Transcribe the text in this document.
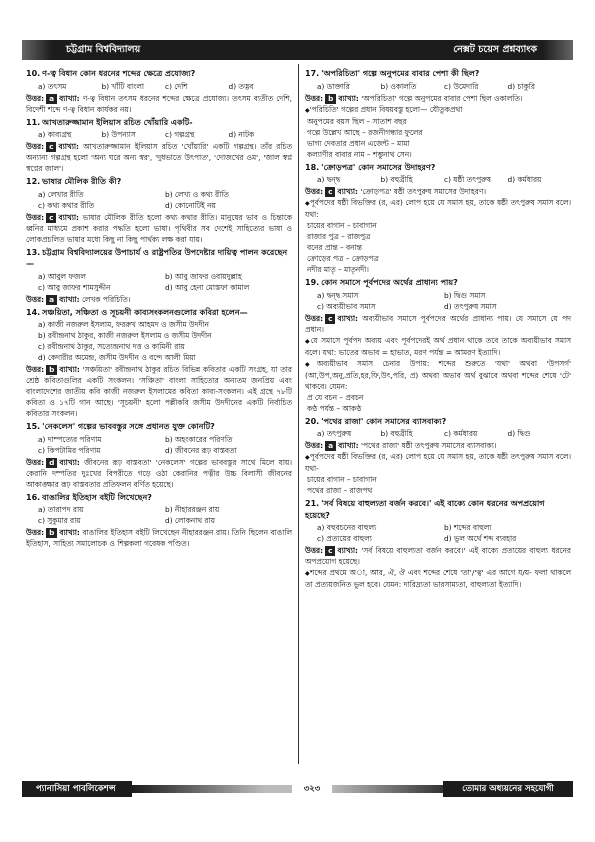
চট্টগ্রাম বিশ্ববিদ্যালয়	নেক্সট চয়েস প্রশ্নব্যাংক
10. ণ-ত্ব বিধান কোন ধরনের শব্দের ক্ষেত্রে প্রযোজ্য?
a) তৎসম	b) খাঁটি বাংলা	c) দেশি	d) তদ্ভব
উত্তর: a ব্যাখ্যা: ণ-ত্ব বিধান তৎসম ধরনের শব্দের ক্ষেত্রে প্রযোজ্য। তৎসম ব্যতীত দেশি, বিদেশী শব্দে ণ-ত্ব বিধান কার্যকর নয়।
11. আখতারুজ্জামান ইলিয়াস রচিত খোঁয়ারি একটি-
a) কাব্যগ্রন্থ	b) উপন্যাস	c) গল্পগ্রন্থ	d) নাটক
উত্তর: c ব্যাখ্যা: আখতারুজ্জামান ইলিয়াস রচিত 'খোঁয়ারি' একটি গল্পগ্রন্থ। তাঁর রচিত অন্যান্য গল্পগ্রন্থ হলো 'অন্য ঘরে অন্য স্বর', 'দুধভাতে উৎপাত', 'দোজখের ওম', 'জাল স্বপ্ন স্বপ্নের জাল'।
12. ভাষার মৌলিক রীতি কী?
a) লেখার রীতি	b) লেখ্য ও কথ্য রীতি
c) কথ্য কথার রীতি	d) কোনোটিই নয়
উত্তর: c ব্যাখ্যা: ভাষার মৌলিক রীতি হলো কথ্য কথার রীতি। মানুষের ভাব ও চিন্তাকে ধ্বনির মাধ্যমে প্রকাশ করার পদ্ধতি হলো ভাষা। পৃথিবীর সব দেশেই সাহিত্যের ভাষা ও লোকপ্রচলিত ভাষার মধ্যে কিছু না কিছু পার্থক্য লক্ষ করা যায়।
13. চট্টগ্রাম বিশ্ববিদ্যালয়ের উপাচার্য ও রাষ্ট্রপতির উপদেষ্টার দায়িত্ব পালন করেছেন—
a) আবুল ফজল	b) আবু জাফর ওবায়দুল্লাহ
c) আবু জাফর শামসুদ্দীন	d) আবু হেনা মোস্তফা কামাল
উত্তর: a ব্যাখ্যা: লেখক পরিচিতি।
14. সঞ্চয়িতা, সঞ্চিতা ও সূচয়নী কাব্যসংকলনগুলোর কবিরা হলেন—
a) কাজী নজরুল ইসলাম, ফররুখ আহমদ ও জসীম উদদীন
b) রবীন্দ্রনাথ ঠাকুর, কাজী নজরুল ইসলাম ও জসীম উদদীন
c) রবীন্দ্রনাথ ঠাকুর, সত্যেন্দ্রনাথ দত্ত ও কামিনী রায়
d) কেদারীর অমেন্দ্র, জসীম উদদীন ও বন্দে আলী মিয়া
উত্তর: b ব্যাখ্যা: 'সঞ্চয়িতা' রবীন্দ্রনাথ ঠাকুর রচিত বিভিন্ন কবিতার একটি সংগ্রহ, যা তার শ্রেষ্ঠ কবিতাগুলির একটি সংকলন। 'সঞ্চিতা' বাংলা সাহিত্যের অন্যতম জনপ্রিয় এবং বাংলাদেশের জাতীয় কবি কাজী নজরুল ইসলামের কবিতা কাব্য-সংকলন। এই গ্রন্থে ৭৮টি কবিতা ও ১৭টি গান আছে। 'সূচয়নী' হলো পল্লীকবি জসীম উদদীনের একটি নির্বাচিত কবিতার সংকলন।
15. 'নেকলেস' গল্পের ভাববস্তুর সঙ্গে প্রধানত যুক্ত কোনটি?
a) দাম্পত্যের পরিণাম	b) অহংকারের পরিণতি
c) কিপটামির পরিণাম	d) জীবনের রূঢ় বাস্তবতা
উত্তর: d ব্যাখ্যা: জীবনের রূঢ় বাস্তবতা' 'নেকলেস' গল্পের ভাববস্তুর সাথে মিলে যায়। কেরানি দম্পতির দুঃখের বিপরীতে গড়ে ওঠা কেরানির পত্নীর উচ্চ বিলাসী জীবনের আকাঙ্ক্ষার রূঢ় বাস্তবতার প্রতিফলন বর্ণিত হয়েছে।
16. বাঙালির ইতিহাস বইটি লিখেছেন?
a) তারাপদ রায়	b) নীহাররঞ্জন রায়
c) সুকুমার রায়	d) লোকনাথ রায়
উত্তর: b ব্যাখ্যা: বাঙালির ইতিহাস বইটি লিখেছেন নীহাররঞ্জন রায়। তিনি ছিলেন বাঙালি ইতিহাস, সাহিত্য সমালোচক ও শিল্পকলা গবেষক পণ্ডিত।
17. 'অপরিচিতা' গল্পে অনুপমের বাবার পেশা কী ছিল?
a) ডাক্তারি	b) ওকালতি	c) উমেদারি	d) চাকুরি
উত্তর: b ব্যাখ্যা: 'অপরিচিতা' গল্পে অনুপমের বাবার পেশা ছিল ওকালতি।
◆ 'পরিচিতি' গল্পের প্রধান বিষয়বস্তু হলো— যৌতুকপ্রথা
অনুপমের বয়স ছিল – সাতাশ বছর
গল্পে উল্লেখ আছে – রজনীগন্ধার ফুলের
ভাগ্য দেবতার প্রধান এজেন্ট – মামা
কল্যাণীর বাবার নাম – শম্ভুনাথ সেন।
18. 'ক্রোড়পত্র' কোন সমাসের উদাহরণ?
a) দ্বন্দ্ব	b) বহুব্রীহি	c) ষষ্ঠী তৎপুরুষ	d) কর্মধারয়
উত্তর: c ব্যাখ্যা: 'ক্রোড়পত্র' ষষ্ঠী তৎপুরুষ সমাসের উদাহরণ।
◆ পূর্বপদের ষষ্ঠী বিভক্তির (র, এর) লোপ হয়ে যে সমাস হয়, তাকে ষষ্ঠী তৎপুরুষ সমাস বলে। যথা:
চায়ের বাগান – চাবাগান
রাজার পুত্র – রাজপুত্র
বনের প্রান্ত – বনান্ত
ক্রোড়ের পত্র – ক্রোড়পত্র
নদীর মাতৃ – মাতৃনদী।
19. কোন সমাসে পূর্বপদের অর্থের প্রাধান্য পায়?
a) দ্বন্দ্ব সমাস	b) দ্বিগু সমাস
c) অব্যয়ীভাব সমাস	d) তৎপুরুষ সমাস
উত্তর: c ব্যাখ্যা: অব্যয়ীভাব সমাসে পূর্বপদের অর্থের প্রাধান্য পায়। যে সমাসে যে পদ প্রধান।
◆ যে সমাসে পূর্বপদ অব্যয় এবং পূর্বপদেরই অর্থ প্রধান থাকে তবে তাকে অব্যয়ীভাব সমাস বলে। যথা: ভাতের অভাব = হাভাত, মরণ পর্যন্ত = আমরণ ইত্যাদি।
◆ অব্যয়ীভাব সমাস চেনার উপায়: শব্দের শুরুতে 'যথা' অথবা 'উপসর্গ' (আ,উপ,অনু,প্রতি,হর,ফি,উৎ,পরি, প্র) অথবা অভাব অর্থ বুঝাবে অথবা শব্দের শেষে 'টে' থাকবে। যেমন:
প্র যে বচন – প্রবচন
কণ্ঠ পর্যন্ত – আকণ্ঠ
20. 'পথের রাজা' কোন সমাসের ব্যাসবাক্য?
a) তৎপুরুষ	b) বহুব্রীহি	c) কর্মধারয়	d) দ্বিগু
উত্তর: a ব্যাখ্যা: 'পথের রাজা' ষষ্ঠী তৎপুরুষ সমাসের ব্যাসবাক্য।
◆ পূর্বপদের ষষ্ঠী বিভক্তির (র, এর) লোপ হয়ে যে সমাস হয়, তাকে ষষ্ঠী তৎপুরুষ সমাস বলে। যথা-
চায়ের বাগান – চাবাগান
পথের রাজা – রাজপথ
21. 'সর্ব বিষয়ে বাহুল্যতা বর্জন করবে।' এই বাক্যে কোন ধরনের অপপ্রয়োগ হয়েছে?
a) বহুবচনের বাহুল্য	b) শব্দের বাহুল্য
c) প্রত্যয়ের বাহুল্য	d) ভুল অর্থে শব্দ ব্যবহার
উত্তর: c ব্যাখ্যা: 'সর্ব বিষয়ে বাহুল্যতা বর্জন করবে।' এই বাক্যে প্রত্যয়ের বাহুল্য ধরনের অপপ্রয়োগ হয়েছে।
◆ শব্দের প্রথমে অা, আর, ঐ, ঔ এবং শব্দের শেষে 'তা'/'ত্ব' এর আগে য/য়- ফলা থাকলে তা প্রত্যয়জনিত ভুল হবে। যেমন: দারিদ্র্যতা ভারসাম্যতা, বাহুল্যতা ইত্যাদি।
প্যানাসিয়া পাবলিকেশন্স	৩২৩	তোমার অধ্যয়নের সহযোগী
